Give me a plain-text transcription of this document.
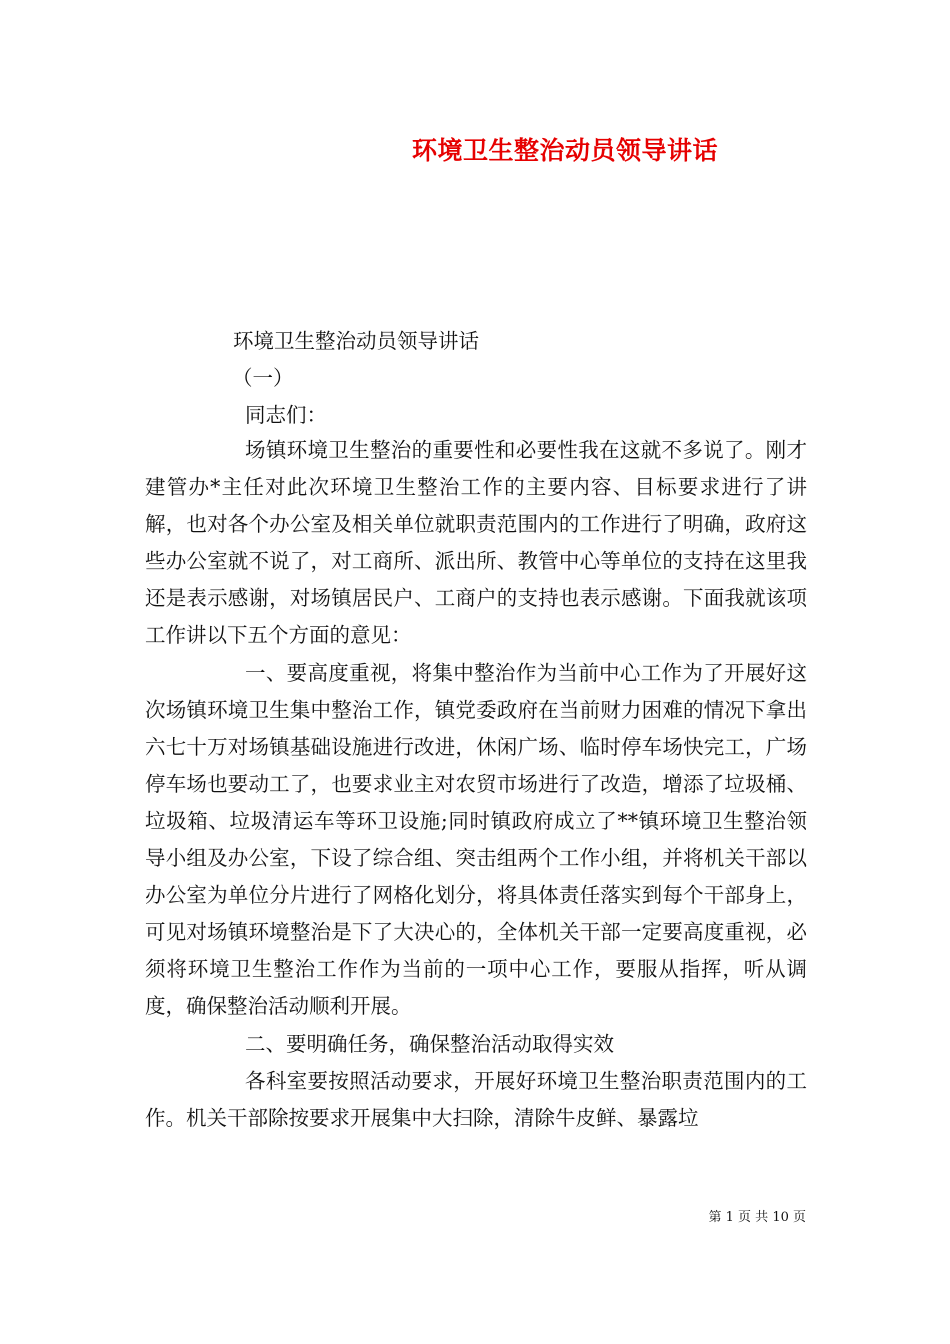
环境卫生整治动员领导讲话
环境卫生整治动员领导讲话
（一）
同志们：

场镇环境卫生整治的重要性和必要性我在这就不多说了。刚才建管办*主任对此次环境卫生整治工作的主要内容、目标要求进行了讲解，也对各个办公室及相关单位就职责范围内的工作进行了明确，政府这些办公室就不说了，对工商所、派出所、教管中心等单位的支持在这里我还是表示感谢，对场镇居民户、工商户的支持也表示感谢。下面我就该项工作讲以下五个方面的意见：

一、要高度重视，将集中整治作为当前中心工作为了开展好这次场镇环境卫生集中整治工作，镇党委政府在当前财力困难的情况下拿出六七十万对场镇基础设施进行改进，休闲广场、临时停车场快完工，广场停车场也要动工了，也要求业主对农贸市场进行了改造，增添了垃圾桶、垃圾箱、垃圾清运车等环卫设施;同时镇政府成立了**镇环境卫生整治领导小组及办公室，下设了综合组、突击组两个工作小组，并将机关干部以办公室为单位分片进行了网格化划分，将具体责任落实到每个干部身上，可见对场镇环境整治是下了大决心的，全体机关干部一定要高度重视，必须将环境卫生整治工作作为当前的一项中心工作，要服从指挥，听从调度，确保整治活动顺利开展。

二、要明确任务，确保整治活动取得实效

各科室要按照活动要求，开展好环境卫生整治职责范围内的工作。机关干部除按要求开展集中大扫除，清除牛皮鲜、暴露垃

第 1 页 共 10 页
